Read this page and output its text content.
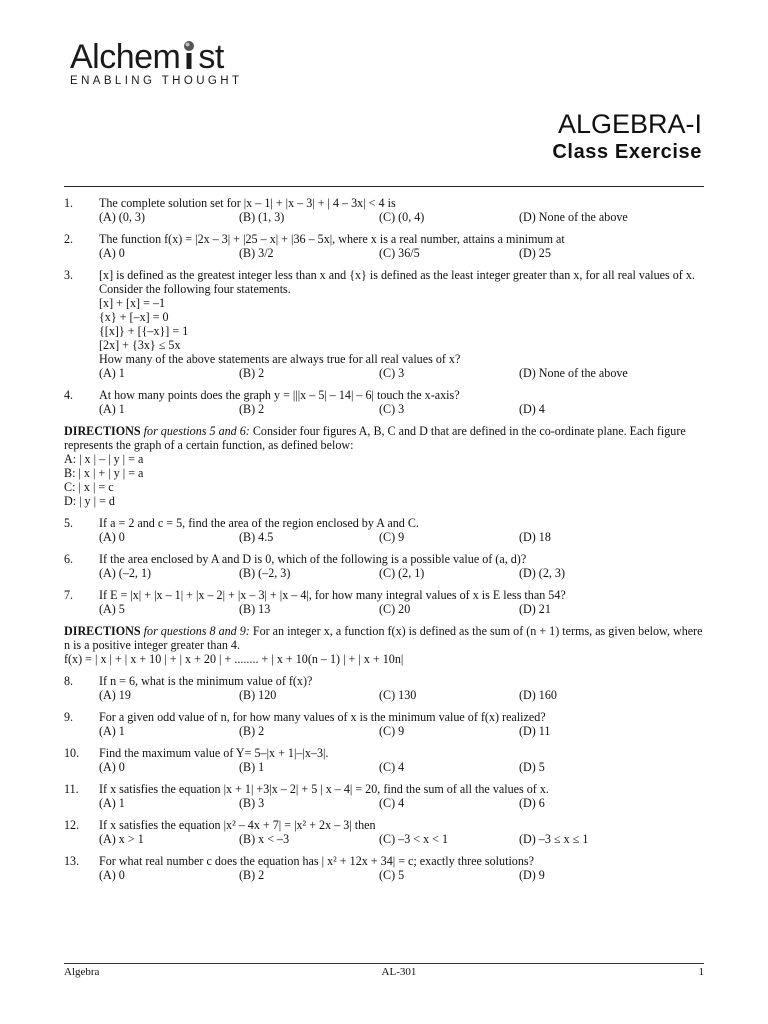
Alchem st
ENABLING THOUGHT
ALGEBRA-I
Class Exercise
1.	The complete solution set for |x – 1| + |x – 3| + | 4 – 3x| < 4 is
(A) (0, 3)	(B) (1, 3)	(C) (0, 4)	(D) None of the above
2.	The function f(x) = |2x – 3| + |25 – x| + |36 – 5x|, where x is a real number, attains a minimum at
(A) 0	(B) 3/2	(C) 36/5	(D) 25
3.	[x] is defined as the greatest integer less than x and {x} is defined as the least integer greater than x, for all real values of x. Consider the following four statements.
[x] + [x] = –1
{x} + [–x] = 0
{[x]} + [{–x}] = 1
[2x] + {3x} ≤ 5x
How many of the above statements are always true for all real values of x?
(A) 1	(B) 2	(C) 3	(D) None of the above
4.	At how many points does the graph y = |||x – 5| – 14| – 6| touch the x-axis?
(A) 1	(B) 2	(C) 3	(D) 4
DIRECTIONS for questions 5 and 6: Consider four figures A, B, C and D that are defined in the co-ordinate plane. Each figure represents the graph of a certain function, as defined below:
A: | x | – | y | = a
B: | x | + | y | = a
C: | x | = c
D: | y | = d
5.	If a = 2 and c = 5, find the area of the region enclosed by A and C.
(A) 0	(B) 4.5	(C) 9	(D) 18
6.	If the area enclosed by A and D is 0, which of the following is a possible value of (a, d)?
(A) (–2, 1)	(B) (–2, 3)	(C) (2, 1)	(D) (2, 3)
7.	If E = |x| + |x – 1| + |x – 2| + |x – 3| + |x – 4|, for how many integral values of x is E less than 54?
(A) 5	(B) 13	(C) 20	(D) 21
DIRECTIONS for questions 8 and 9: For an integer x, a function f(x) is defined as the sum of (n + 1) terms, as given below, where n is a positive integer greater than 4.
f(x) = | x | + | x + 10 | + | x + 20 | + ........ + | x + 10(n – 1) | + | x + 10n|
8.	If n = 6, what is the minimum value of f(x)?
(A) 19	(B) 120	(C) 130	(D) 160
9.	For a given odd value of n, for how many values of x is the minimum value of f(x) realized?
(A) 1	(B) 2	(C) 9	(D) 11
10.	Find the maximum value of Y= 5–|x + 1|–|x–3|.
(A) 0	(B) 1	(C) 4	(D) 5
11.	If x satisfies the equation |x + 1| +3|x – 2| + 5 | x – 4| = 20, find the sum of all the values of x.
(A) 1	(B) 3	(C) 4	(D) 6
12.	If x satisfies the equation |x² – 4x + 7| = |x² + 2x – 3| then
(A) x > 1	(B) x < –3	(C) –3 < x < 1	(D) –3 ≤ x ≤ 1
13.	For what real number c does the equation has | x² + 12x + 34| = c; exactly three solutions?
(A) 0	(B) 2	(C) 5	(D) 9
Algebra	AL-301	1
